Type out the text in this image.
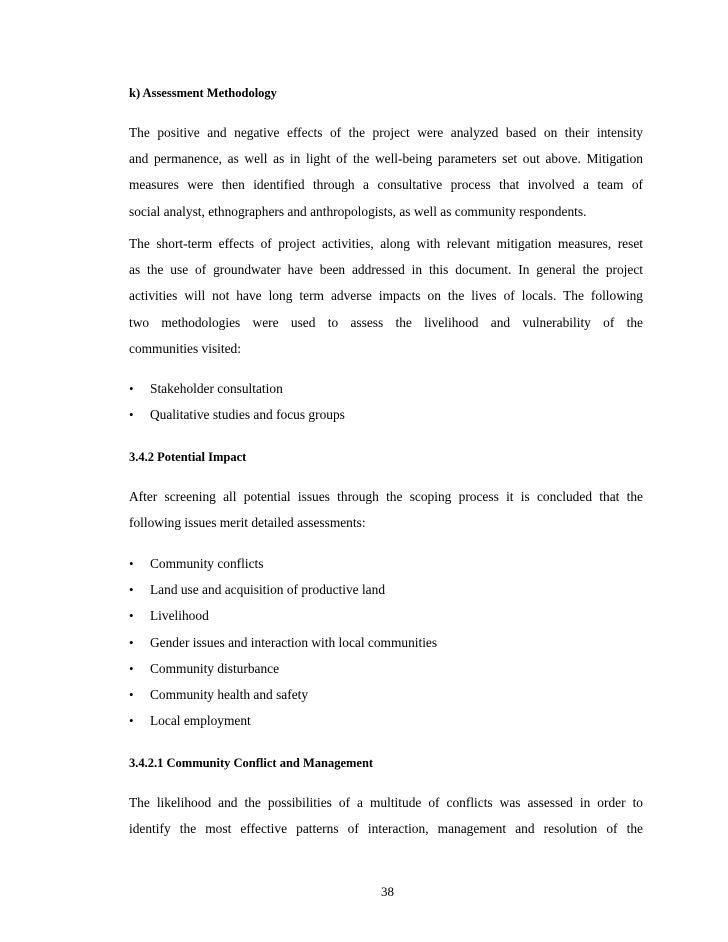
k) Assessment Methodology
The positive and negative effects of the project were analyzed based on their intensity
and permanence, as well as in light of the well-being parameters set out above. Mitigation
measures were then identified through a consultative process that involved a team of
social analyst, ethnographers and anthropologists, as well as community respondents.
The short-term effects of project activities, along with relevant mitigation measures, reset
as the use of groundwater have been addressed in this document. In general the project
activities will not have long term adverse impacts on the lives of locals. The following
two methodologies were used to assess the livelihood and vulnerability of the
communities visited:
• Stakeholder consultation
• Qualitative studies and focus groups
3.4.2 Potential Impact
After screening all potential issues through the scoping process it is concluded that the
following issues merit detailed assessments:
• Community conflicts
• Land use and acquisition of productive land
• Livelihood
• Gender issues and interaction with local communities
• Community disturbance
• Community health and safety
• Local employment
3.4.2.1 Community Conflict and Management
The likelihood and the possibilities of a multitude of conflicts was assessed in order to
identify the most effective patterns of interaction, management and resolution of the
38
